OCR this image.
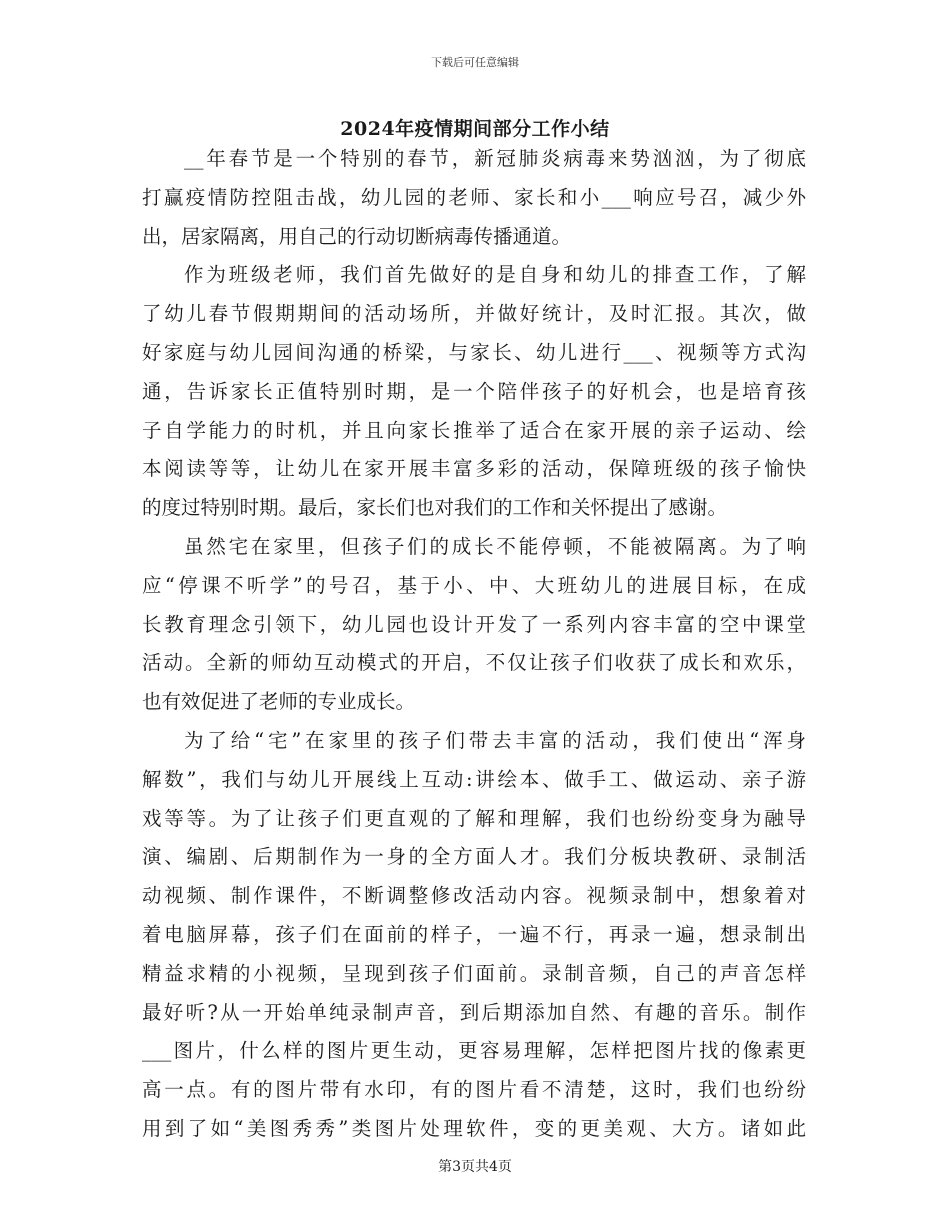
下载后可任意编辑
2024年疫情期间部分工作小结
__年春节是一个特别的春节，新冠肺炎病毒来势汹汹，为了彻底
打赢疫情防控阻击战，幼儿园的老师、家长和小___响应号召，减少外
出，居家隔离，用自己的行动切断病毒传播通道。
作为班级老师，我们首先做好的是自身和幼儿的排查工作，了解
了幼儿春节假期期间的活动场所，并做好统计，及时汇报。其次，做
好家庭与幼儿园间沟通的桥梁，与家长、幼儿进行___、视频等方式沟
通，告诉家长正值特别时期，是一个陪伴孩子的好机会，也是培育孩
子自学能力的时机，并且向家长推举了适合在家开展的亲子运动、绘
本阅读等等，让幼儿在家开展丰富多彩的活动，保障班级的孩子愉快
的度过特别时期。最后，家长们也对我们的工作和关怀提出了感谢。
虽然宅在家里，但孩子们的成长不能停顿，不能被隔离。为了响
应“停课不听学”的号召，基于小、中、大班幼儿的进展目标，在成
长教育理念引领下，幼儿园也设计开发了一系列内容丰富的空中课堂
活动。全新的师幼互动模式的开启，不仅让孩子们收获了成长和欢乐，
也有效促进了老师的专业成长。
为了给“宅”在家里的孩子们带去丰富的活动，我们使出“浑身
解数”，我们与幼儿开展线上互动:讲绘本、做手工、做运动、亲子游
戏等等。为了让孩子们更直观的了解和理解，我们也纷纷变身为融导
演、编剧、后期制作为一身的全方面人才。我们分板块教研、录制活
动视频、制作课件，不断调整修改活动内容。视频录制中，想象着对
着电脑屏幕，孩子们在面前的样子，一遍不行，再录一遍，想录制出
精益求精的小视频，呈现到孩子们面前。录制音频，自己的声音怎样
最好听?从一开始单纯录制声音，到后期添加自然、有趣的音乐。制作
___图片，什么样的图片更生动，更容易理解，怎样把图片找的像素更
高一点。有的图片带有水印，有的图片看不清楚，这时，我们也纷纷
用到了如“美图秀秀”类图片处理软件，变的更美观、大方。诸如此
第3页共4页
